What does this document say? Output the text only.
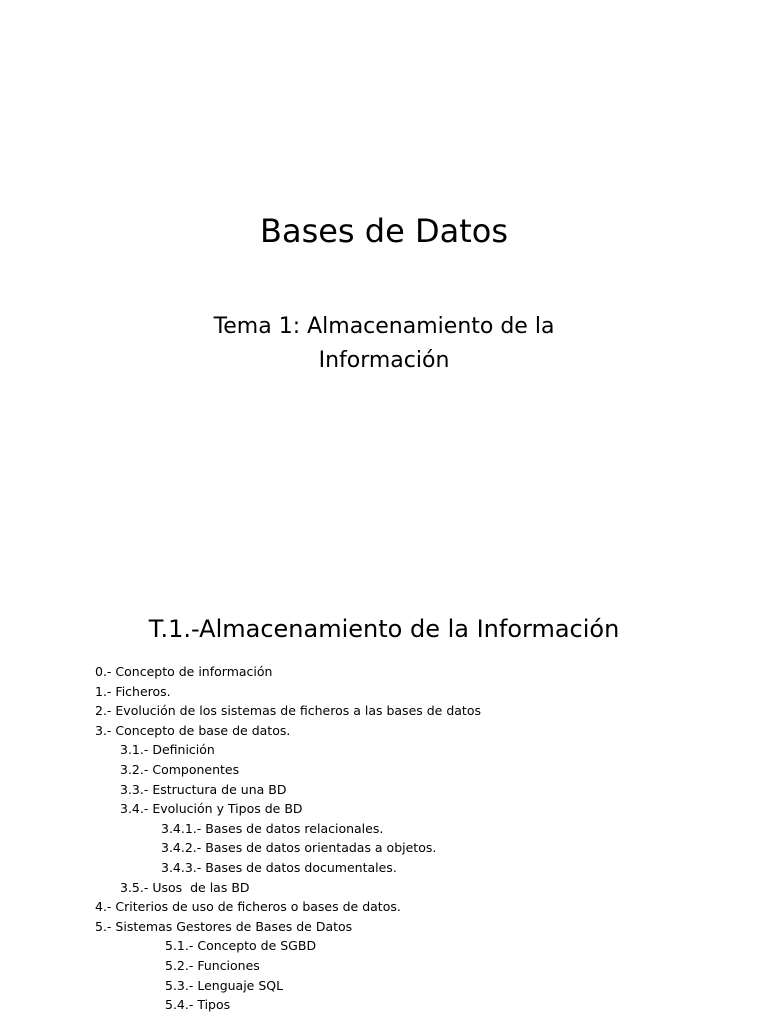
Bases de Datos
Tema 1: Almacenamiento de la
Información
T.1.-Almacenamiento de la Información
0.- Concepto de información
1.- Ficheros.
2.- Evolución de los sistemas de ficheros a las bases de datos
3.- Concepto de base de datos.
3.1.- Definición
3.2.- Componentes
3.3.- Estructura de una BD
3.4.- Evolución y Tipos de BD
3.4.1.- Bases de datos relacionales.
3.4.2.- Bases de datos orientadas a objetos.
3.4.3.- Bases de datos documentales.
3.5.- Usos  de las BD
4.- Criterios de uso de ficheros o bases de datos.
5.- Sistemas Gestores de Bases de Datos
5.1.- Concepto de SGBD
5.2.- Funciones
5.3.- Lenguaje SQL
5.4.- Tipos
